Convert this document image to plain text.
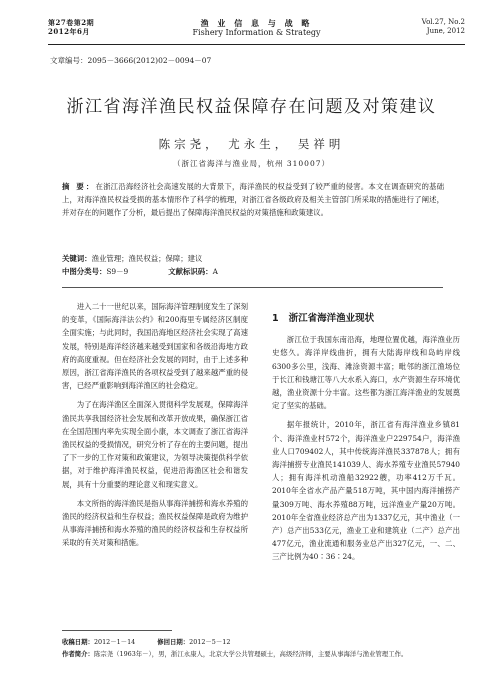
第27卷第2期
2012年6月
渔 业 信 息 与 战 略
Fishery Information & Strategy
Vol.27, No.2
June, 2012
文章编号：2095－3666(2012)02－0094－07
浙江省海洋渔民权益保障存在问题及对策建议
陈宗尧， 尤永生， 吴祥明
（浙江省海洋与渔业局，杭州 310007）
摘 要：在浙江沿海经济社会高速发展的大背景下，海洋渔民的权益受到了较严重的侵害。本文在调查研究的基础上，对海洋渔民权益受损的基本情形作了科学的梳理，对浙江省各级政府及相关主管部门所采取的措施进行了阐述，并对存在的问题作了分析，最后提出了保障海洋渔民权益的对策措施和政策建议。
关键词：渔业管理；渔民权益；保障；建议
中图分类号：S9－9	文献标识码：A

进入二十一世纪以来，国际海洋管理制度发生了深刻的变革，《国际海洋法公约》和200海里专属经济区制度全面实施；与此同时，我国沿海地区经济社会实现了高速发展，特别是海洋经济越来越受到国家和各级沿海地方政府的高度重视。但在经济社会发展的同时，由于上述多种原因，浙江省海洋渔民的各项权益受到了越来越严重的侵害，已经严重影响到海洋渔区的社会稳定。

为了在海洋渔区全面深入贯彻科学发展观，保障海洋渔民共享我国经济社会发展和改革开放成果，确保浙江省在全国范围内率先实现全面小康，本文调查了浙江省海洋渔民权益的受损情况，研究分析了存在的主要问题，提出了下一步的工作对策和政策建议，为领导决策提供科学依据，对于维护海洋渔民权益，促进沿海渔区社会和谐发展，具有十分重要的理论意义和现实意义。

本文所指的海洋渔民是指从事海洋捕捞和海水养殖的渔民的经济权益和生存权益；渔民权益保障是政府为维护从事海洋捕捞和海水养殖的渔民的经济权益和生存权益所采取的有关对策和措施。

1 浙江省海洋渔业现状

浙江位于我国东南沿海，地理位置优越，海洋渔业历史悠久。海洋岸线曲折，拥有大陆海岸线和岛屿岸线6300多公里，浅海、滩涂资源丰富；毗邻的浙江渔场位于长江和钱塘江等八大水系入海口，水产资源生存环境优越，渔业资源十分丰富。这些都为浙江海洋渔业的发展奠定了坚实的基础。

据年报统计，2010年，浙江省有海洋渔业乡镇81个、海洋渔业村572个，海洋渔业户229754户，海洋渔业人口709402人，其中传统海洋渔民337878人；拥有海洋捕捞专业渔民141039人、海水养殖专业渔民57940人；拥有海洋机动渔船32922艘，功率412万千瓦。2010年全省水产品产量518万吨，其中国内海洋捕捞产量309万吨、海水养殖88万吨，远洋渔业产量20万吨。2010年全省渔业经济总产出为1337亿元，其中渔业（一产）总产出533亿元，渔业工业和建筑业（二产）总产出477亿元，渔业流通和服务业总产出327亿元，一、二、三产比例为40∶36∶24。

收稿日期：2012－1－14	修回日期：2012－5－12
作者简介：陈宗尧（1963年－），男，浙江永康人，北京大学公共管理硕士，高级经济师，主要从事海洋与渔业管理工作。
